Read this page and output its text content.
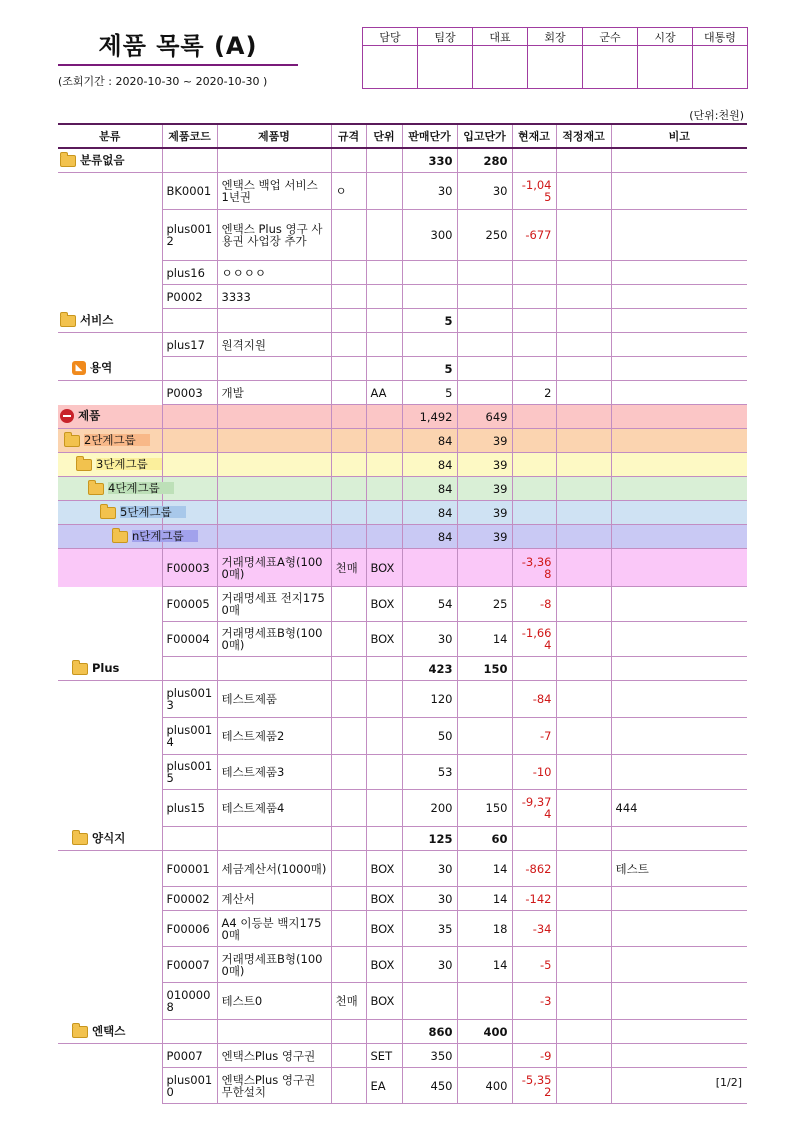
제품 목록 (A)
(조회기간 : 2020-10-30 ~ 2020-10-30 )
담당	팀장	대표	회장	군수	시장	대통령

(단위:천원)
분류	제품코드	제품명	규격	단위	판매단가	입고단가	현재고	적정재고	비고
분류없음					330	280			
	BK0001	엔택스 백업 서비스 1년권	ㅇ		30	30	-1,045		
	plus0012	엔택스 Plus 영구 사용권 사업장 추가			300	250	-677		
	plus16	ㅇㅇㅇㅇ							
	P0002	3333							
서비스					5				
	plus17	원격지원							
◣ 용역					5				
	P0003	개발		AA	5		2		
제품					1,492	649			
2단계그룹					84	39			
3단계그룹					84	39			
4단계그룹					84	39			
5단계그룹					84	39			
n단계그룹					84	39			
	F00003	거래명세표A형(1000매)	천매	BOX			-3,368		
	F00005	거래명세표 전지1750매		BOX	54	25	-8		
	F00004	거래명세표B형(1000매)		BOX	30	14	-1,664		
Plus					423	150			
	plus0013	테스트제품			120		-84		
	plus0014	테스트제품2			50		-7		
	plus0015	테스트제품3			53		-10		
	plus15	테스트제품4			200	150	-9,374		444
양식지					125	60			
	F00001	세금계산서(1000매)		BOX	30	14	-862		테스트
	F00002	계산서		BOX	30	14	-142		
	F00006	A4 이등분 백지1750매		BOX	35	18	-34		
	F00007	거래명세표B형(1000매)		BOX	30	14	-5		
	0100008	테스트0	천매	BOX			-3		
엔택스					860	400			
	P0007	엔택스Plus 영구권		SET	350		-9		
	plus0010	엔택스Plus 영구권 무한설치		EA	450	400	-5,352		
[1/2]
